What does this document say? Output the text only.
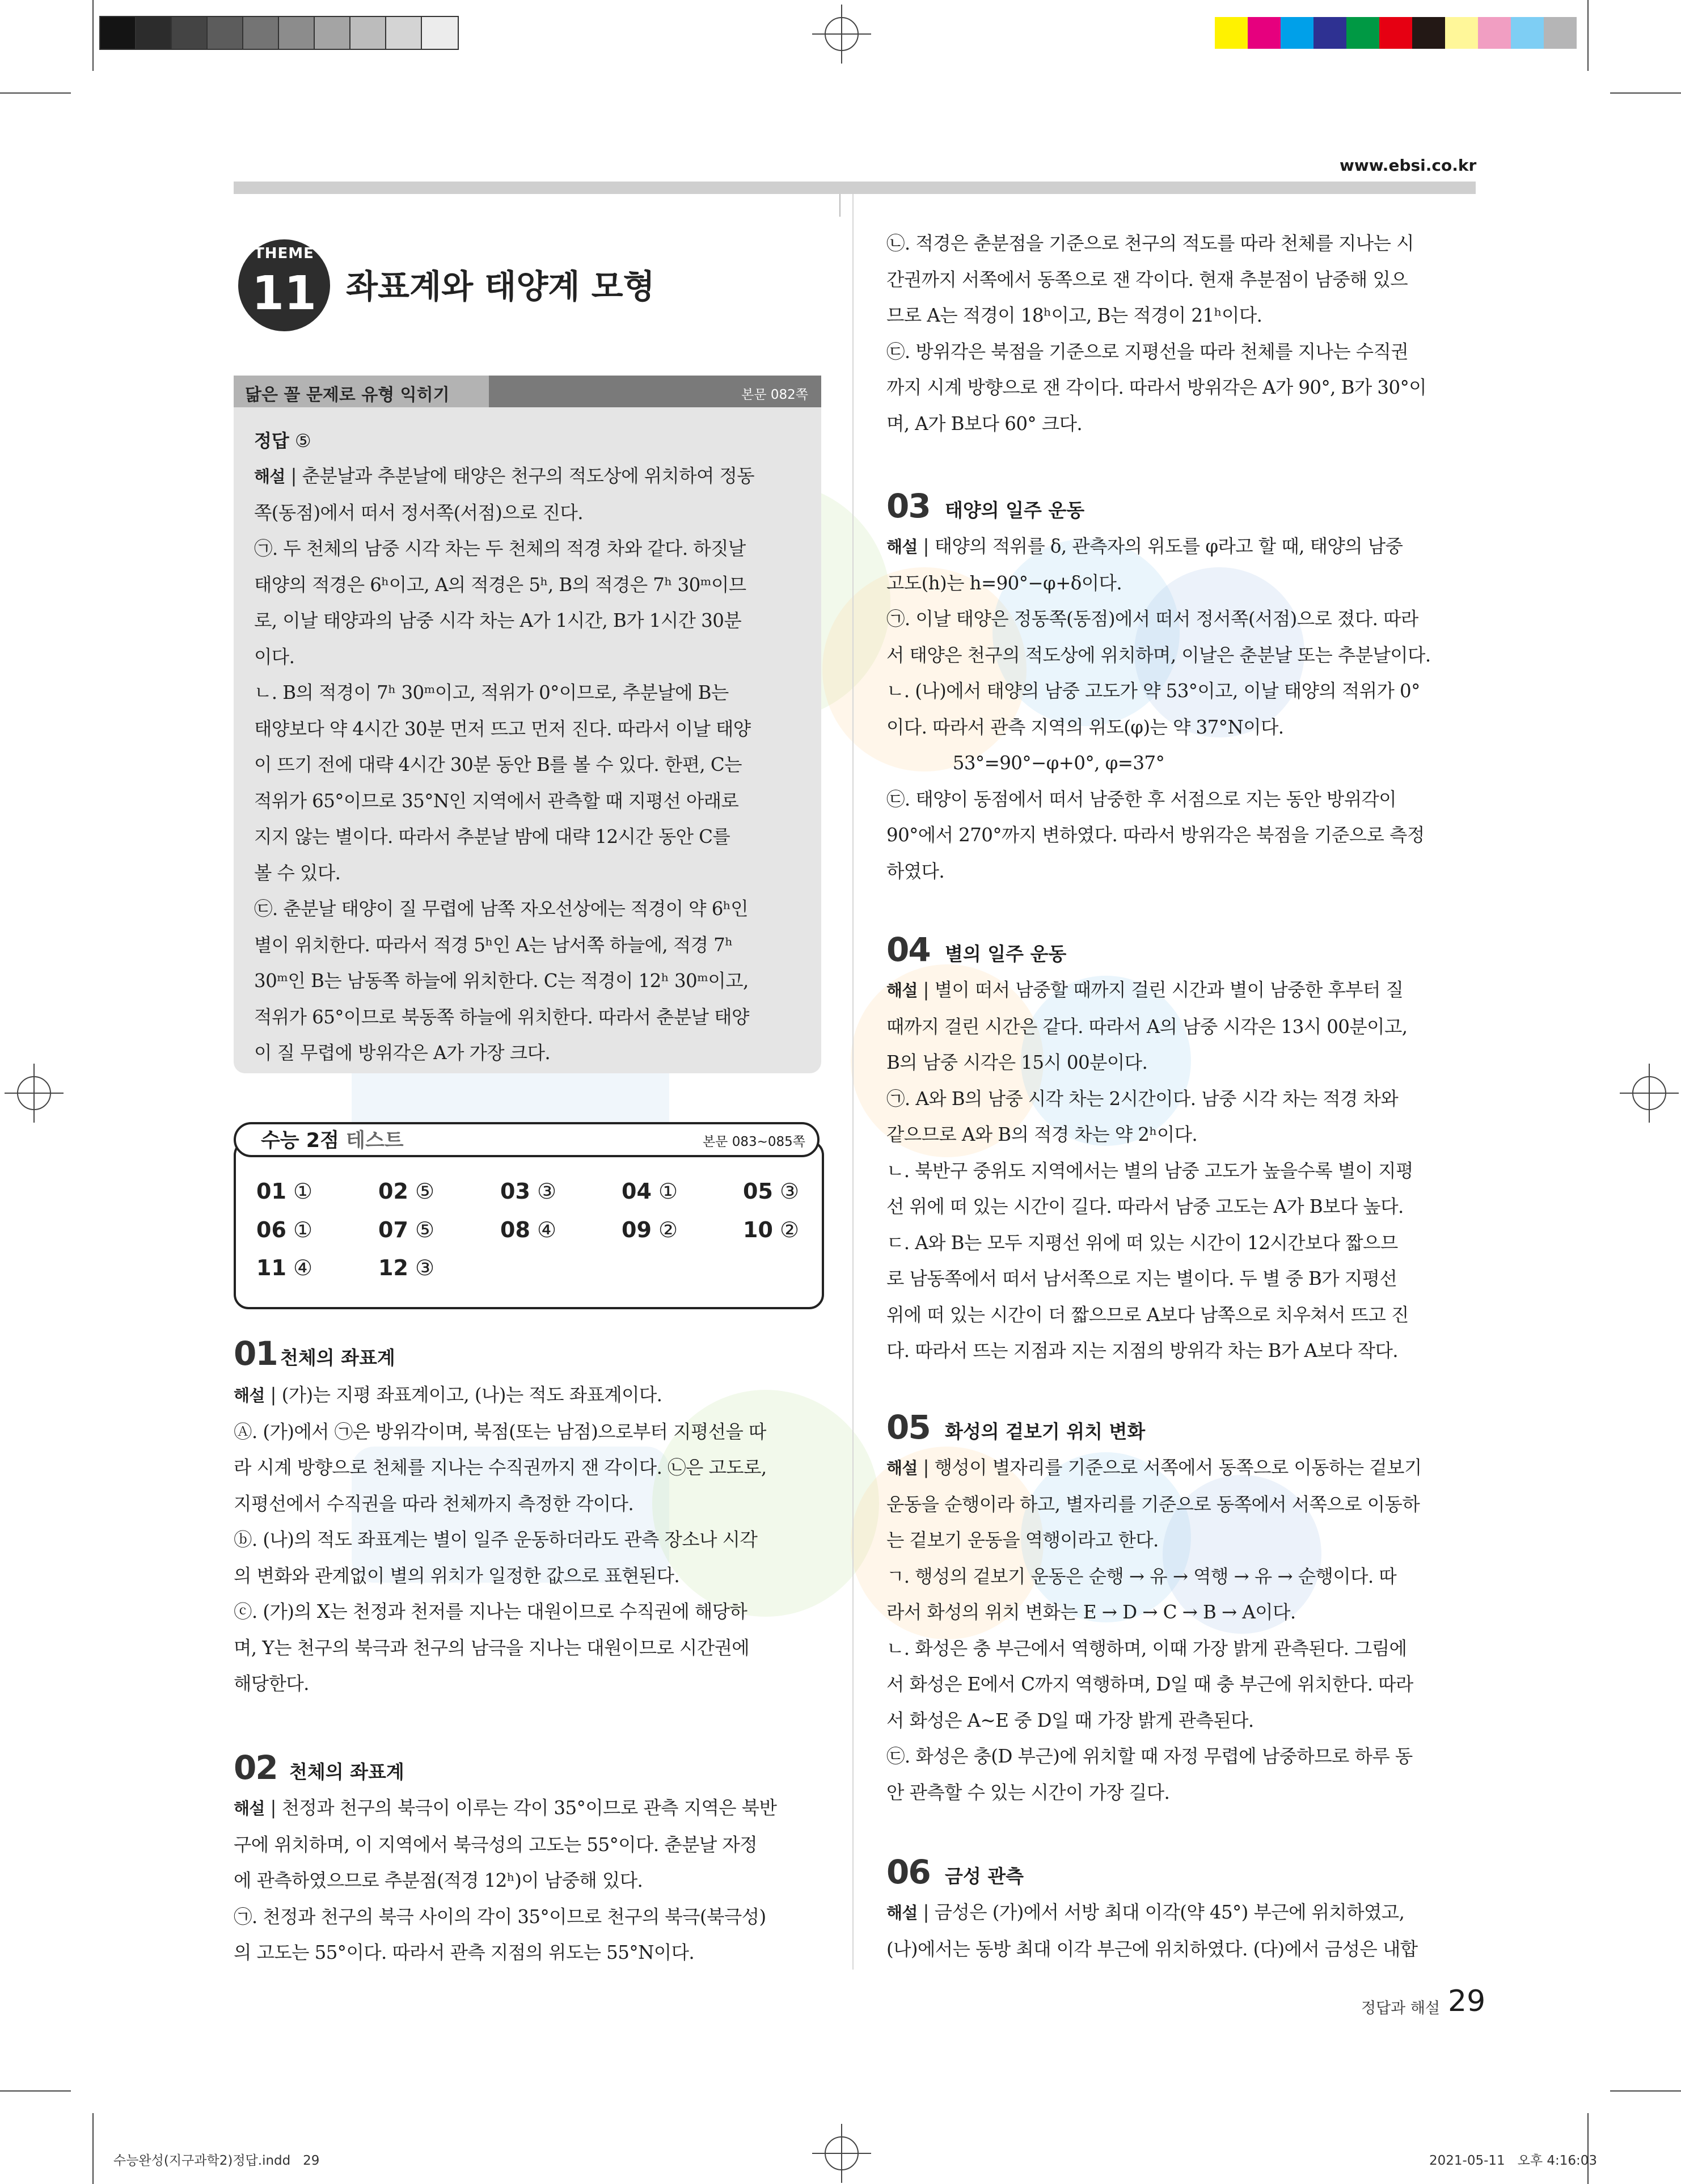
www.ebsi.co.kr
THEME
11 좌표계와 태양계 모형
닮은 꼴 문제로 유형 익히기	본문 082쪽
정답 ⑤

해설 | 춘분날과 추분날에 태양은 천구의 적도상에 위치하여 정동

쪽(동점)에서 떠서 정서쪽(서점)으로 진다.

㉠. 두 천체의 남중 시각 차는 두 천체의 적경 차와 같다. 하짓날

태양의 적경은 6ʰ이고, A의 적경은 5ʰ, B의 적경은 7ʰ 30ᵐ이므

로, 이날 태양과의 남중 시각 차는 A가 1시간, B가 1시간 30분

이다.

ㄴ. B의 적경이 7ʰ 30ᵐ이고, 적위가 0°이므로, 추분날에 B는

태양보다 약 4시간 30분 먼저 뜨고 먼저 진다. 따라서 이날 태양

이 뜨기 전에 대략 4시간 30분 동안 B를 볼 수 있다. 한편, C는

적위가 65°이므로 35°N인 지역에서 관측할 때 지평선 아래로

지지 않는 별이다. 따라서 추분날 밤에 대략 12시간 동안 C를

볼 수 있다.

㉢. 춘분날 태양이 질 무렵에 남쪽 자오선상에는 적경이 약 6ʰ인

별이 위치한다. 따라서 적경 5ʰ인 A는 남서쪽 하늘에, 적경 7ʰ

30ᵐ인 B는 남동쪽 하늘에 위치한다. C는 적경이 12ʰ 30ᵐ이고,

적위가 65°이므로 북동쪽 하늘에 위치한다. 따라서 춘분날 태양

이 질 무렵에 방위각은 A가 가장 크다.

수능 2점 테스트	본문 083~085쪽
01 ①	02 ⑤	03 ③	04 ①	05 ③
06 ①	07 ⑤	08 ④	09 ②	10 ②
11 ④	12 ③
01 천체의 좌표계

해설 | (가)는 지평 좌표계이고, (나)는 적도 좌표계이다.

Ⓐ. (가)에서 ㉠은 방위각이며, 북점(또는 남점)으로부터 지평선을 따

라 시계 방향으로 천체를 지나는 수직권까지 잰 각이다. ㉡은 고도로,

지평선에서 수직권을 따라 천체까지 측정한 각이다.

ⓑ. (나)의 적도 좌표계는 별이 일주 운동하더라도 관측 장소나 시각

의 변화와 관계없이 별의 위치가 일정한 값으로 표현된다.

ⓒ. (가)의 X는 천정과 천저를 지나는 대원이므로 수직권에 해당하

며, Y는 천구의 북극과 천구의 남극을 지나는 대원이므로 시간권에

해당한다.

02 천체의 좌표계

해설 | 천정과 천구의 북극이 이루는 각이 35°이므로 관측 지역은 북반

구에 위치하며, 이 지역에서 북극성의 고도는 55°이다. 춘분날 자정

에 관측하였으므로 추분점(적경 12ʰ)이 남중해 있다.

㉠. 천정과 천구의 북극 사이의 각이 35°이므로 천구의 북극(북극성)

의 고도는 55°이다. 따라서 관측 지점의 위도는 55°N이다.

㉡. 적경은 춘분점을 기준으로 천구의 적도를 따라 천체를 지나는 시

간권까지 서쪽에서 동쪽으로 잰 각이다. 현재 추분점이 남중해 있으

므로 A는 적경이 18ʰ이고, B는 적경이 21ʰ이다.

㉢. 방위각은 북점을 기준으로 지평선을 따라 천체를 지나는 수직권

까지 시계 방향으로 잰 각이다. 따라서 방위각은 A가 90°, B가 30°이

며, A가 B보다 60° 크다.

03 태양의 일주 운동

해설 | 태양의 적위를 δ, 관측자의 위도를 φ라고 할 때, 태양의 남중

고도(h)는 h=90°−φ+δ이다.

㉠. 이날 태양은 정동쪽(동점)에서 떠서 정서쪽(서점)으로 졌다. 따라

서 태양은 천구의 적도상에 위치하며, 이날은 춘분날 또는 추분날이다.

ㄴ. (나)에서 태양의 남중 고도가 약 53°이고, 이날 태양의 적위가 0°

이다. 따라서 관측 지역의 위도(φ)는 약 37°N이다.

53°=90°−φ+0°, φ=37°

㉢. 태양이 동점에서 떠서 남중한 후 서점으로 지는 동안 방위각이

90°에서 270°까지 변하였다. 따라서 방위각은 북점을 기준으로 측정

하였다.

04 별의 일주 운동

해설 | 별이 떠서 남중할 때까지 걸린 시간과 별이 남중한 후부터 질

때까지 걸린 시간은 같다. 따라서 A의 남중 시각은 13시 00분이고,

B의 남중 시각은 15시 00분이다.

㉠. A와 B의 남중 시각 차는 2시간이다. 남중 시각 차는 적경 차와

같으므로 A와 B의 적경 차는 약 2ʰ이다.

ㄴ. 북반구 중위도 지역에서는 별의 남중 고도가 높을수록 별이 지평

선 위에 떠 있는 시간이 길다. 따라서 남중 고도는 A가 B보다 높다.

ㄷ. A와 B는 모두 지평선 위에 떠 있는 시간이 12시간보다 짧으므

로 남동쪽에서 떠서 남서쪽으로 지는 별이다. 두 별 중 B가 지평선

위에 떠 있는 시간이 더 짧으므로 A보다 남쪽으로 치우쳐서 뜨고 진

다. 따라서 뜨는 지점과 지는 지점의 방위각 차는 B가 A보다 작다.

05 화성의 겉보기 위치 변화

해설 | 행성이 별자리를 기준으로 서쪽에서 동쪽으로 이동하는 겉보기

운동을 순행이라 하고, 별자리를 기준으로 동쪽에서 서쪽으로 이동하

는 겉보기 운동을 역행이라고 한다.

ㄱ. 행성의 겉보기 운동은 순행 → 유 → 역행 → 유 → 순행이다. 따

라서 화성의 위치 변화는 E → D → C → B → A이다.

ㄴ. 화성은 충 부근에서 역행하며, 이때 가장 밝게 관측된다. 그림에

서 화성은 E에서 C까지 역행하며, D일 때 충 부근에 위치한다. 따라

서 화성은 A~E 중 D일 때 가장 밝게 관측된다.

㉢. 화성은 충(D 부근)에 위치할 때 자정 무렵에 남중하므로 하루 동

안 관측할 수 있는 시간이 가장 길다.

06 금성 관측

해설 | 금성은 (가)에서 서방 최대 이각(약 45°) 부근에 위치하였고,

(나)에서는 동방 최대 이각 부근에 위치하였다. (다)에서 금성은 내합

정답과 해설 29
수능완성(지구과학2)정답.indd   29	2021-05-11   오후 4:16:03
